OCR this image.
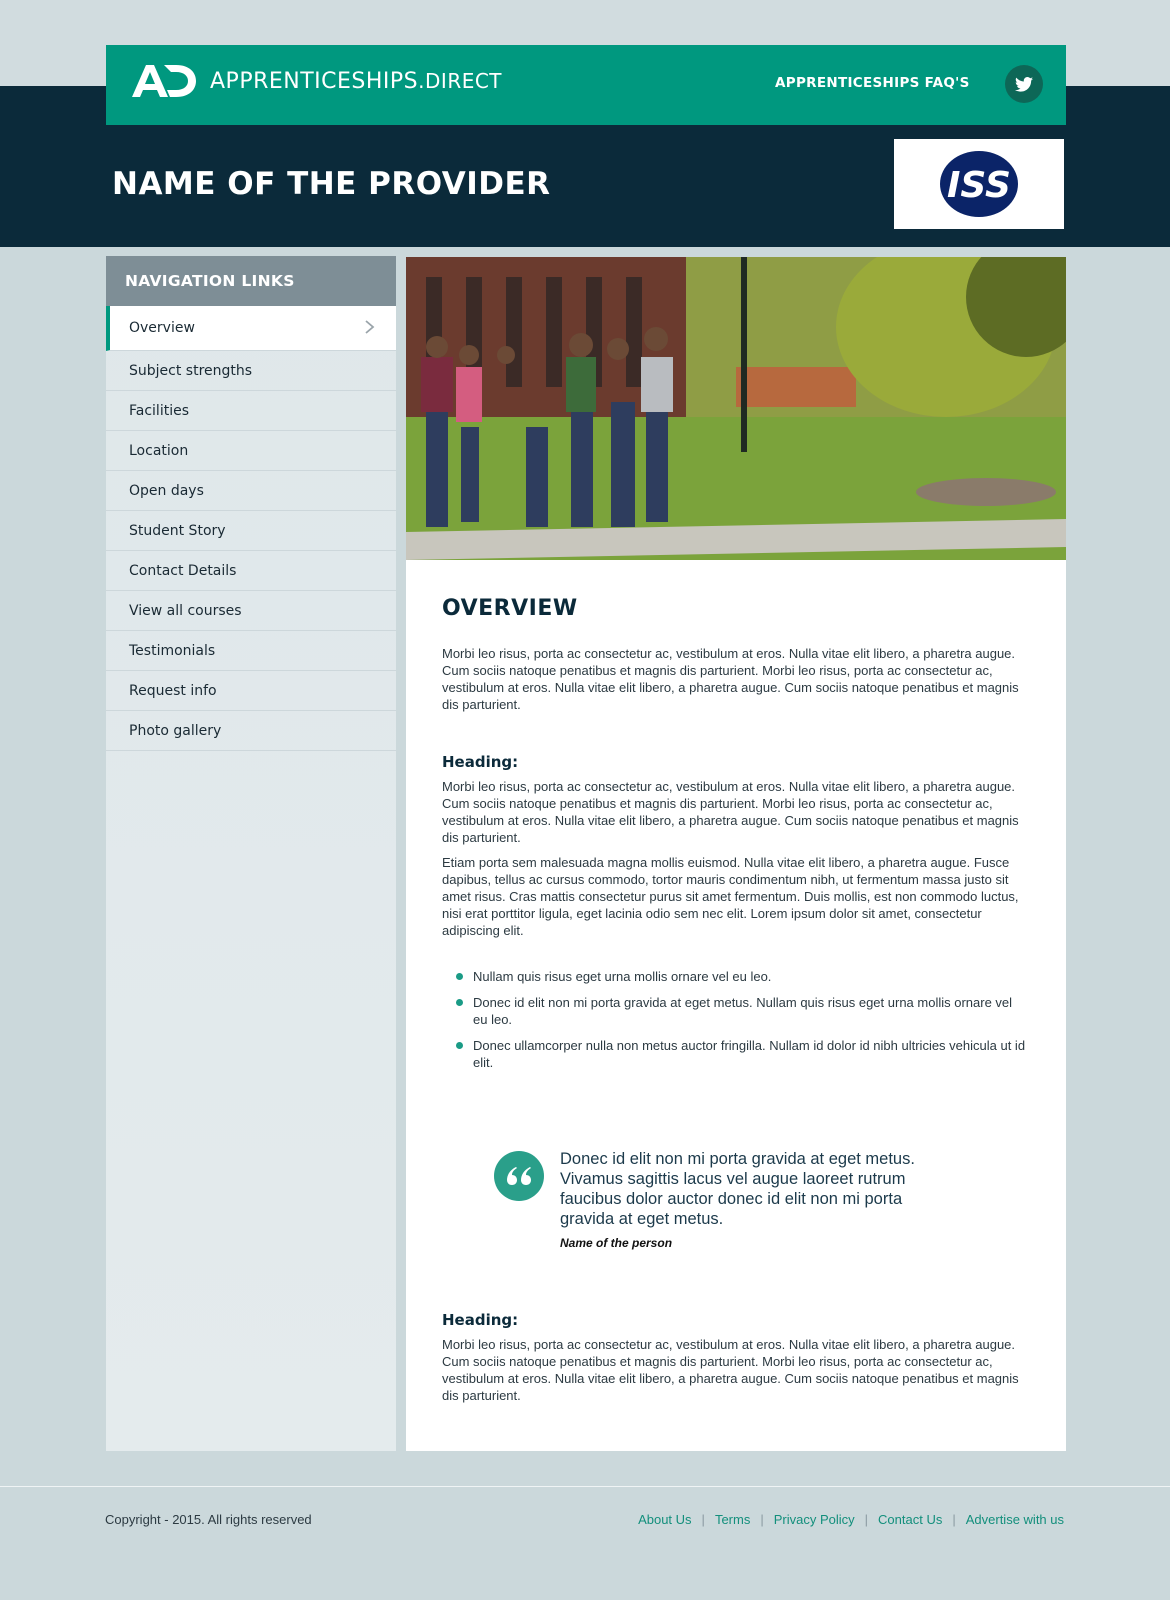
APPRENTICESHIPS.DIRECT	APPRENTICESHIPS FAQ'S
NAME OF THE PROVIDER	ISS
NAVIGATION LINKS
Overview
Subject strengths
Facilities
Location
Open days
Student Story
Contact Details
View all courses
Testimonials
Request info
Photo gallery
OVERVIEW

Morbi leo risus, porta ac consectetur ac, vestibulum at eros. Nulla vitae elit libero, a pharetra augue. Cum sociis natoque penatibus et magnis dis parturient. Morbi leo risus, porta ac consectetur ac, vestibulum at eros. Nulla vitae elit libero, a pharetra augue. Cum sociis natoque penatibus et magnis dis parturient.

Heading:

Morbi leo risus, porta ac consectetur ac, vestibulum at eros. Nulla vitae elit libero, a pharetra augue. Cum sociis natoque penatibus et magnis dis parturient. Morbi leo risus, porta ac consectetur ac, vestibulum at eros. Nulla vitae elit libero, a pharetra augue. Cum sociis natoque penatibus et magnis dis parturient.

Etiam porta sem malesuada magna mollis euismod. Nulla vitae elit libero, a pharetra augue. Fusce dapibus, tellus ac cursus commodo, tortor mauris condimentum nibh, ut fermentum massa justo sit amet risus. Cras mattis consectetur purus sit amet fermentum. Duis mollis, est non commodo luctus, nisi erat porttitor ligula, eget lacinia odio sem nec elit. Lorem ipsum dolor sit amet, consectetur adipiscing elit.

Nullam quis risus eget urna mollis ornare vel eu leo.
Donec id elit non mi porta gravida at eget metus. Nullam quis risus eget urna mollis ornare vel eu leo.
Donec ullamcorper nulla non metus auctor fringilla. Nullam id dolor id nibh ultricies vehicula ut id elit.

Donec id elit non mi porta gravida at eget metus. Vivamus sagittis lacus vel augue laoreet rutrum faucibus dolor auctor donec id elit non mi porta gravida at eget metus.

Name of the person

Heading:

Morbi leo risus, porta ac consectetur ac, vestibulum at eros. Nulla vitae elit libero, a pharetra augue. Cum sociis natoque penatibus et magnis dis parturient. Morbi leo risus, porta ac consectetur ac, vestibulum at eros. Nulla vitae elit libero, a pharetra augue. Cum sociis natoque penatibus et magnis dis parturient.

Copyright - 2015. All rights reserved	About Us | Terms | Privacy Policy | Contact Us | Advertise with us
